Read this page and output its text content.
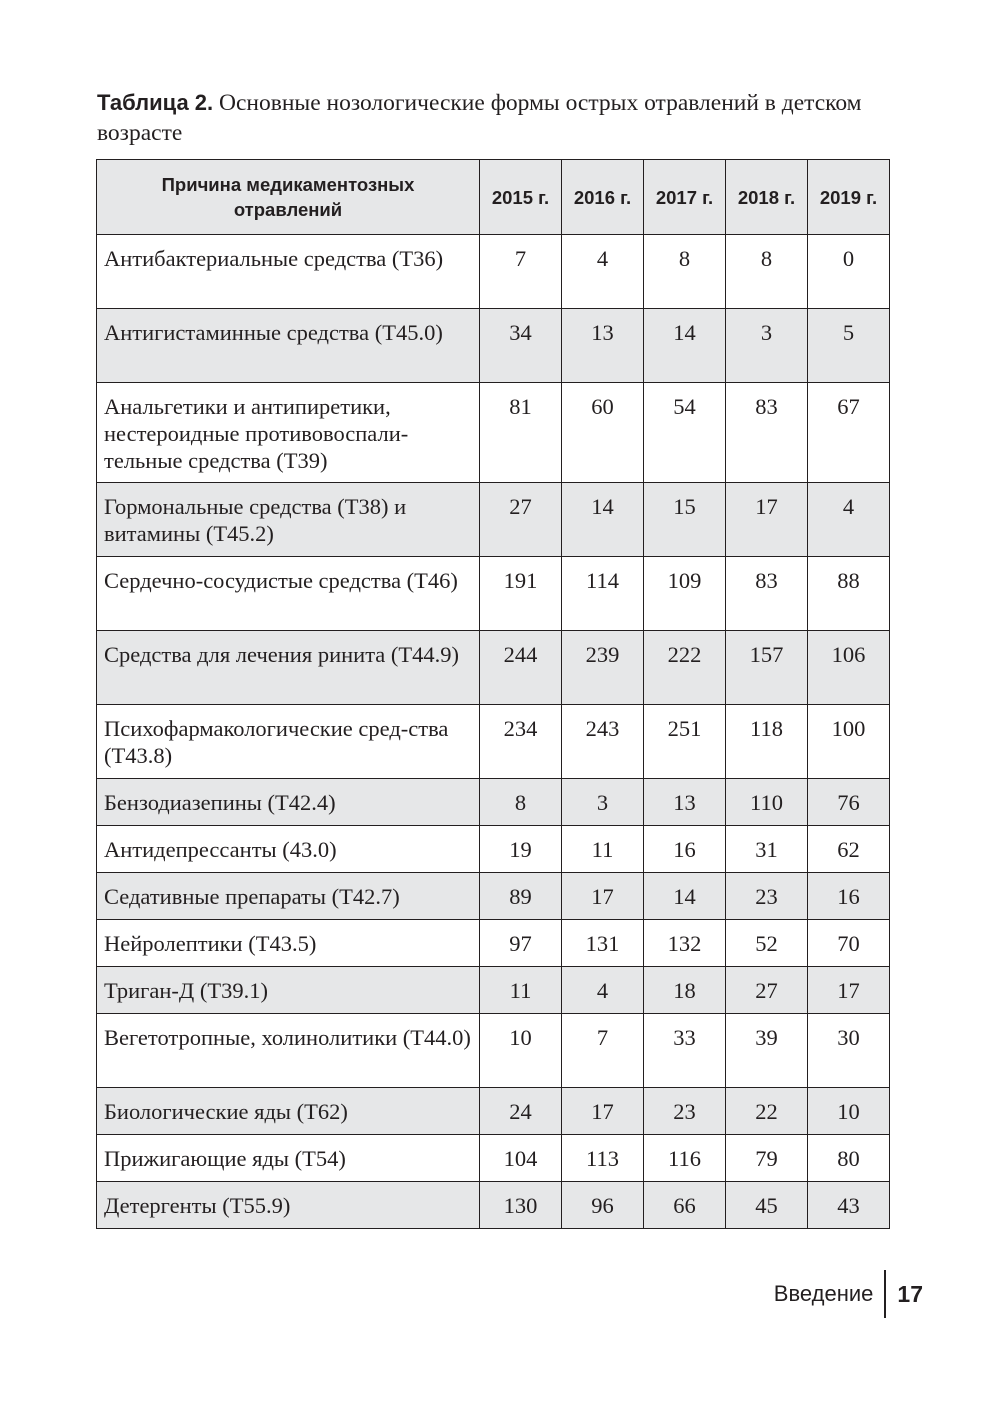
Таблица 2. Основные нозологические формы острых отравлений в детском возрасте
Причина медикаментозных отравлений	2015 г.	2016 г.	2017 г.	2018 г.	2019 г.
Антибактериальные средства (T36)	7	4	8	8	0
Антигистаминные средства (T45.0)	34	13	14	3	5
Анальгетики и антипиретики, нестероидные противовоспали-тельные средства (T39)	81	60	54	83	67
Гормональные средства (T38) и витамины (T45.2)	27	14	15	17	4
Сердечно-сосудистые средства (T46)	191	114	109	83	88
Средства для лечения ринита (T44.9)	244	239	222	157	106
Психофармакологические сред-ства (T43.8)	234	243	251	118	100
Бензодиазепины (T42.4)	8	3	13	110	76
Антидепрессанты (43.0)	19	11	16	31	62
Седативные препараты (T42.7)	89	17	14	23	16
Нейролептики (T43.5)	97	131	132	52	70
Триган-Д (T39.1)	11	4	18	27	17
Вегетотропные, холинолитики (T44.0)	10	7	33	39	30
Биологические яды (T62)	24	17	23	22	10
Прижигающие яды (T54)	104	113	116	79	80
Детергенты (T55.9)	130	96	66	45	43
Введение	17
